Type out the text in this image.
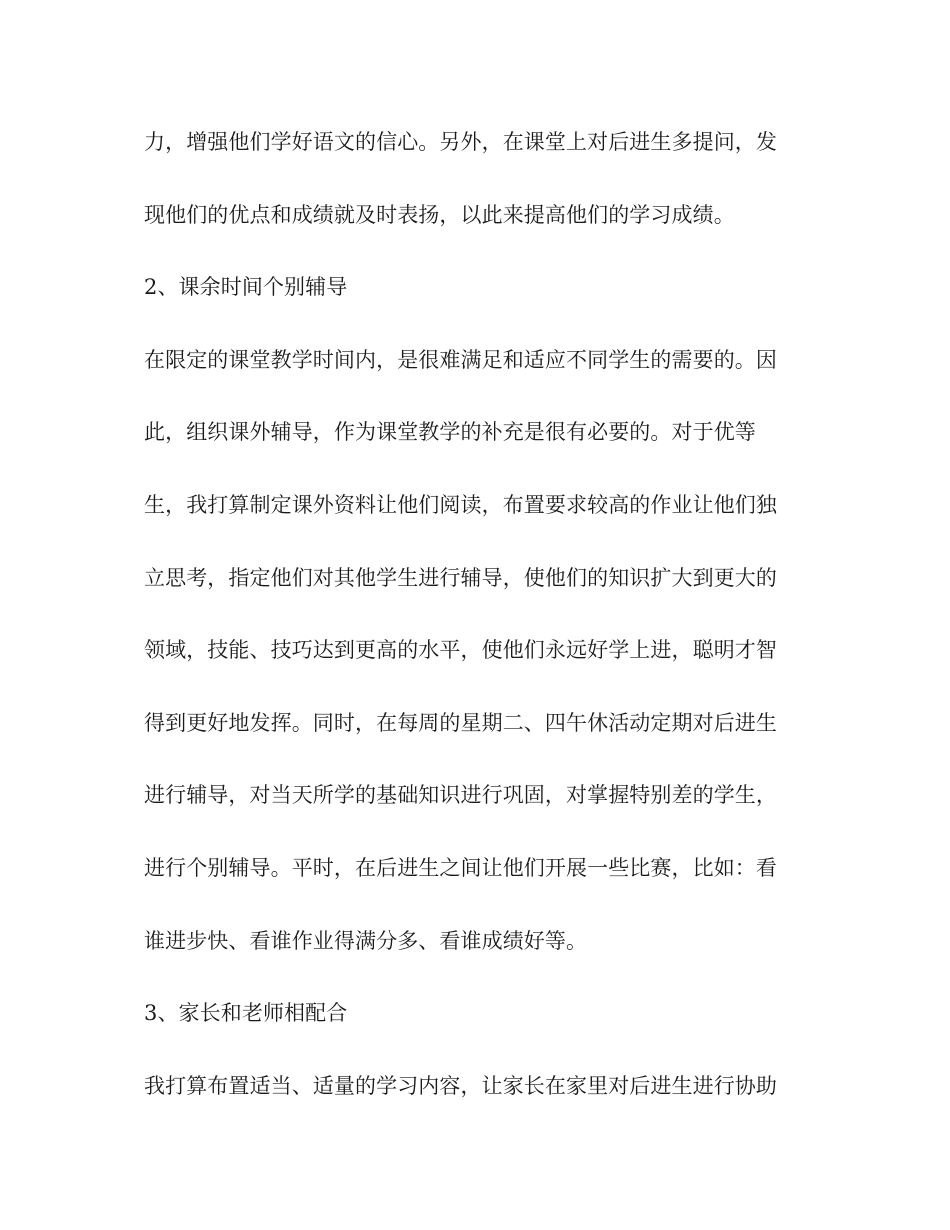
力，增强他们学好语文的信心。另外，在课堂上对后进生多提问，发
现他们的优点和成绩就及时表扬，以此来提高他们的学习成绩。
2、课余时间个别辅导
在限定的课堂教学时间内，是很难满足和适应不同学生的需要的。因
此，组织课外辅导，作为课堂教学的补充是很有必要的。对于优等
生，我打算制定课外资料让他们阅读，布置要求较高的作业让他们独
立思考，指定他们对其他学生进行辅导，使他们的知识扩大到更大的
领域，技能、技巧达到更高的水平，使他们永远好学上进，聪明才智
得到更好地发挥。同时，在每周的星期二、四午休活动定期对后进生
进行辅导，对当天所学的基础知识进行巩固，对掌握特别差的学生，
进行个别辅导。平时，在后进生之间让他们开展一些比赛，比如：看
谁进步快、看谁作业得满分多、看谁成绩好等。
3、家长和老师相配合
我打算布置适当、适量的学习内容，让家长在家里对后进生进行协助
